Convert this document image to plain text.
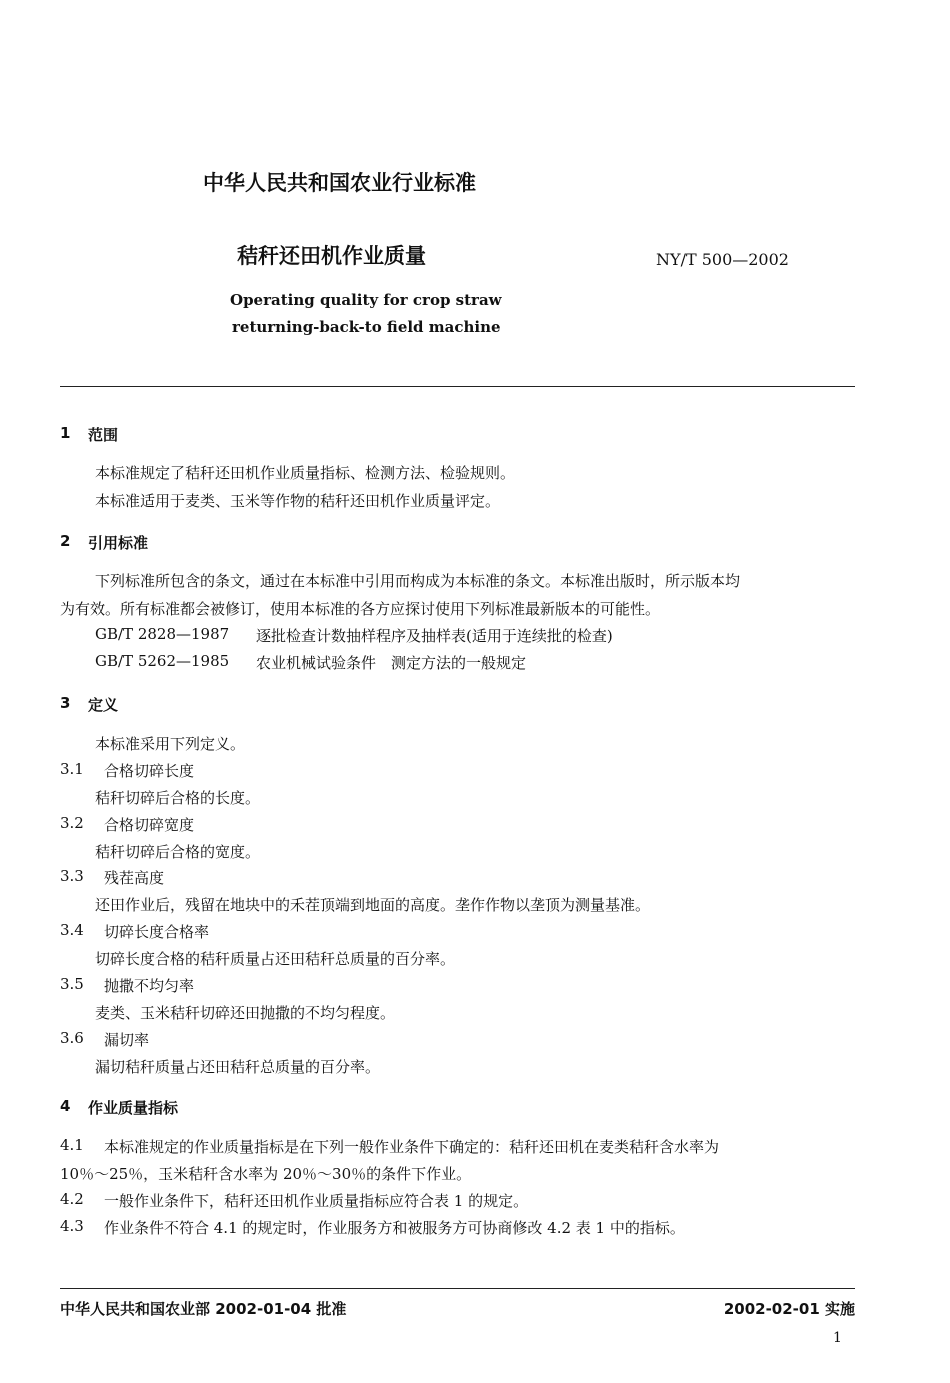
中华人民共和国农业行业标准
秸秆还田机作业质量	NY/T 500—2002
Operating quality for crop straw
returning-back-to field machine
1 范围
本标准规定了秸秆还田机作业质量指标、检测方法、检验规则。
本标准适用于麦类、玉米等作物的秸秆还田机作业质量评定。
2 引用标准
下列标准所包含的条文，通过在本标准中引用而构成为本标准的条文。本标准出版时，所示版本均
为有效。所有标准都会被修订，使用本标准的各方应探讨使用下列标准最新版本的可能性。
GB/T 2828—1987 逐批检查计数抽样程序及抽样表(适用于连续批的检查)
GB/T 5262—1985 农业机械试验条件　测定方法的一般规定
3 定义
本标准采用下列定义。
3.1 合格切碎长度
秸秆切碎后合格的长度。
3.2 合格切碎宽度
秸秆切碎后合格的宽度。
3.3 残茬高度
还田作业后，残留在地块中的禾茬顶端到地面的高度。垄作作物以垄顶为测量基准。
3.4 切碎长度合格率
切碎长度合格的秸秆质量占还田秸秆总质量的百分率。
3.5 抛撒不均匀率
麦类、玉米秸秆切碎还田抛撒的不均匀程度。
3.6 漏切率
漏切秸秆质量占还田秸秆总质量的百分率。
4 作业质量指标
4.1 本标准规定的作业质量指标是在下列一般作业条件下确定的：秸秆还田机在麦类秸秆含水率为
10％～25％，玉米秸秆含水率为 20％～30％的条件下作业。
4.2 一般作业条件下，秸秆还田机作业质量指标应符合表 1 的规定。
4.3 作业条件不符合 4.1 的规定时，作业服务方和被服务方可协商修改 4.2 表 1 中的指标。
中华人民共和国农业部 2002-01-04 批准	2002-02-01 实施
1
